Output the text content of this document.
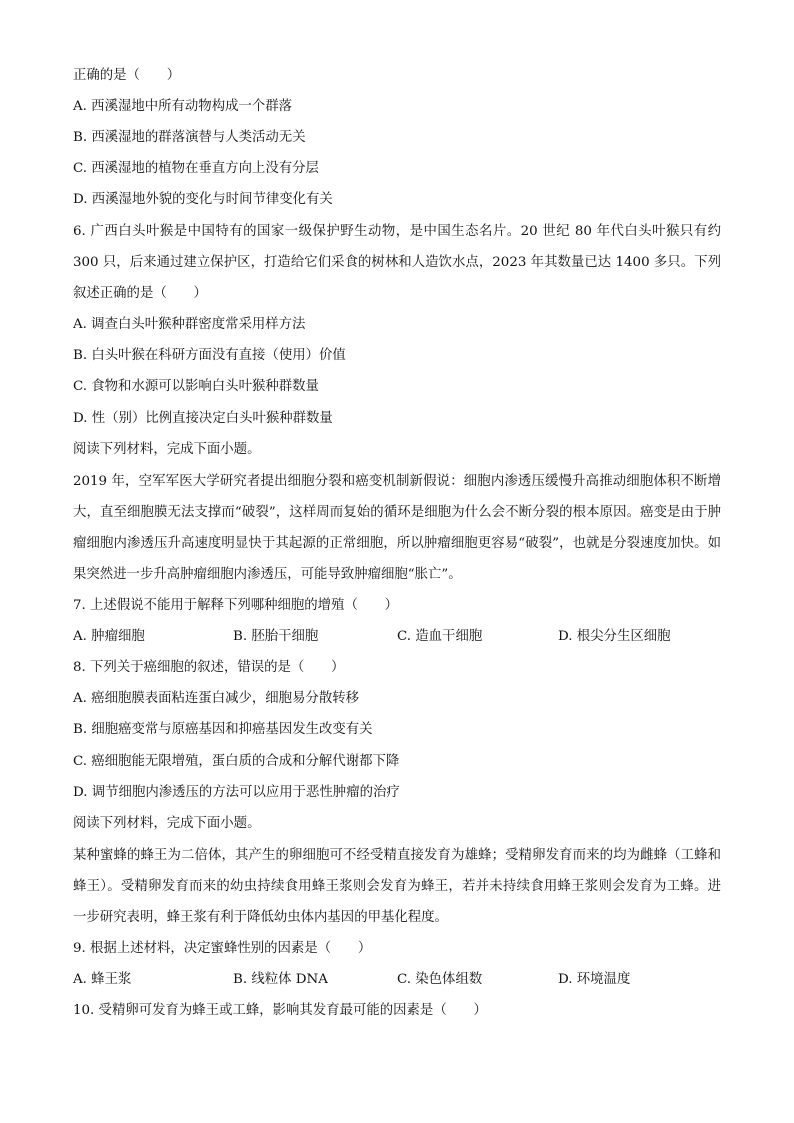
正确的是（　　）
A. 西溪湿地中所有动物构成一个群落
B. 西溪湿地的群落演替与人类活动无关
C. 西溪湿地的植物在垂直方向上没有分层
D. 西溪湿地外貌的变化与时间节律变化有关
6. 广西白头叶猴是中国特有的国家一级保护野生动物，是中国生态名片。20 世纪 80 年代白头叶猴只有约 300 只，后来通过建立保护区，打造给它们采食的树林和人造饮水点，2023 年其数量已达 1400 多只。下列叙述正确的是（　　）
A. 调查白头叶猴种群密度常采用样方法
B. 白头叶猴在科研方面没有直接（使用）价值
C. 食物和水源可以影响白头叶猴种群数量
D. 性（别）比例直接决定白头叶猴种群数量
阅读下列材料，完成下面小题。
2019 年，空军军医大学研究者提出细胞分裂和癌变机制新假说：细胞内渗透压缓慢升高推动细胞体积不断增大，直至细胞膜无法支撑而“破裂”，这样周而复始的循环是细胞为什么会不断分裂的根本原因。癌变是由于肿瘤细胞内渗透压升高速度明显快于其起源的正常细胞，所以肿瘤细胞更容易“破裂”，也就是分裂速度加快。如果突然进一步升高肿瘤细胞内渗透压，可能导致肿瘤细胞“胀亡”。
7. 上述假说不能用于解释下列哪种细胞的增殖（　　）
A. 肿瘤细胞	B. 胚胎干细胞	C. 造血干细胞	D. 根尖分生区细胞
8. 下列关于癌细胞的叙述，错误的是（　　）
A. 癌细胞膜表面粘连蛋白减少，细胞易分散转移
B. 细胞癌变常与原癌基因和抑癌基因发生改变有关
C. 癌细胞能无限增殖，蛋白质的合成和分解代谢都下降
D. 调节细胞内渗透压的方法可以应用于恶性肿瘤的治疗
阅读下列材料，完成下面小题。
某种蜜蜂的蜂王为二倍体，其产生的卵细胞可不经受精直接发育为雄蜂；受精卵发育而来的均为雌蜂（工蜂和蜂王）。受精卵发育而来的幼虫持续食用蜂王浆则会发育为蜂王，若并未持续食用蜂王浆则会发育为工蜂。进一步研究表明，蜂王浆有利于降低幼虫体内基因的甲基化程度。
9. 根据上述材料，决定蜜蜂性别的因素是（　　）
A. 蜂王浆	B. 线粒体 DNA	C. 染色体组数	D. 环境温度
10. 受精卵可发育为蜂王或工蜂，影响其发育最可能的因素是（　　）
